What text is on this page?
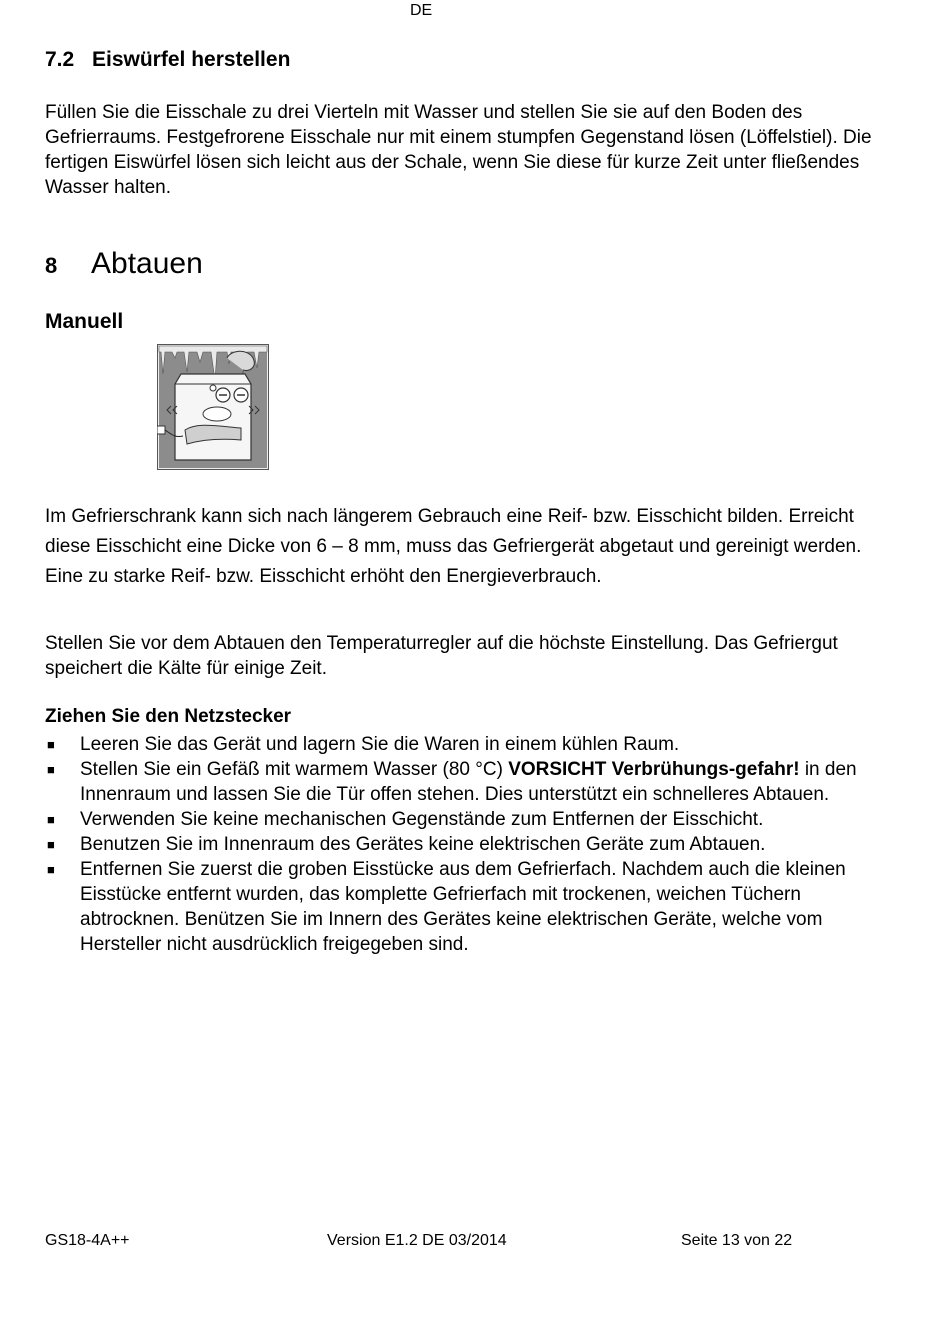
DE
7.2 Eiswürfel herstellen
Füllen Sie die Eisschale zu drei Vierteln mit Wasser und stellen Sie sie auf den Boden des Gefrierraums. Festgefrorene Eisschale nur mit einem stumpfen Gegenstand lösen (Löffelstiel). Die fertigen Eiswürfel lösen sich leicht aus der Schale, wenn Sie diese für kurze Zeit unter fließendes Wasser halten.
8 Abtauen
Manuell
Im Gefrierschrank kann sich nach längerem Gebrauch eine Reif- bzw. Eisschicht bilden. Erreicht diese Eisschicht eine Dicke von 6 – 8 mm, muss das Gefriergerät abgetaut und gereinigt werden. Eine zu starke Reif- bzw. Eisschicht erhöht den Energieverbrauch.
Stellen Sie vor dem Abtauen den Temperaturregler auf die höchste Einstellung. Das Gefriergut speichert die Kälte für einige Zeit.
Ziehen Sie den Netzstecker
■ Leeren Sie das Gerät und lagern Sie die Waren in einem kühlen Raum.
■ Stellen Sie ein Gefäß mit warmem Wasser (80 °C) VORSICHT Verbrühungs-gefahr! in den Innenraum und lassen Sie die Tür offen stehen. Dies unterstützt ein schnelleres Abtauen.
■ Verwenden Sie keine mechanischen Gegenstände zum Entfernen der Eisschicht.
■ Benutzen Sie im Innenraum des Gerätes keine elektrischen Geräte zum Abtauen.
■ Entfernen Sie zuerst die groben Eisstücke aus dem Gefrierfach. Nachdem auch die kleinen Eisstücke entfernt wurden, das komplette Gefrierfach mit trockenen, weichen Tüchern abtrocknen. Benützen Sie im Innern des Gerätes keine elektrischen Geräte, welche vom Hersteller nicht ausdrücklich freigegeben sind.
GS18-4A++	Version E1.2 DE 03/2014	Seite 13 von 22
